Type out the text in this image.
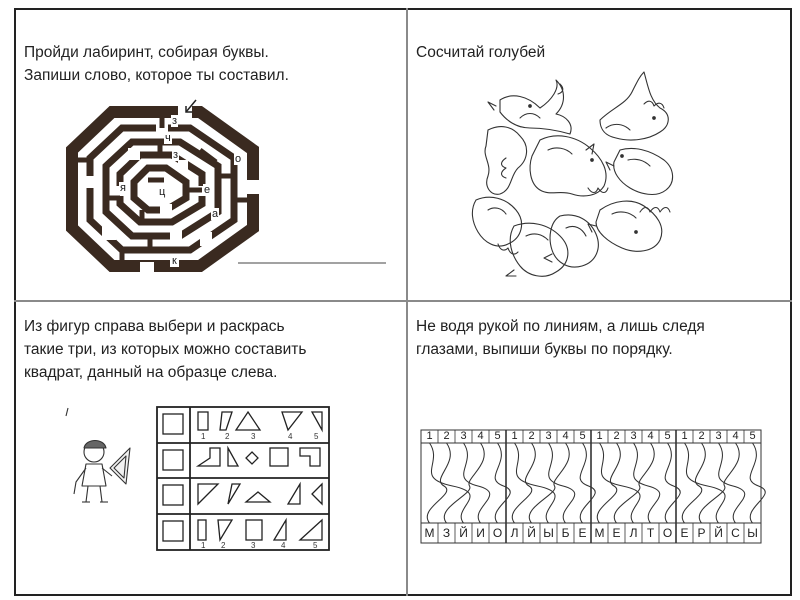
Пройди лабиринт, собирая буквы.
Запиши слово, которое ты составил.
з
ч
з	о
я	е
ц
а
к
Сосчитай голубей
Из фигур справа выбери и раскрась
такие три, из которых можно составить
квадрат, данный на образце слева.
1 2	3	4	5
1 2	3	4	5
Не водя рукой по линиям, а лишь следя
глазами, выпиши буквы по порядку.
1 2 3 4 5 1 2 3 4 5 1 2 3 4 5 1 2 3 4 5
М З Й И О Л Й Ы Б Е М Е Л Т О Е Р Й С Ы
